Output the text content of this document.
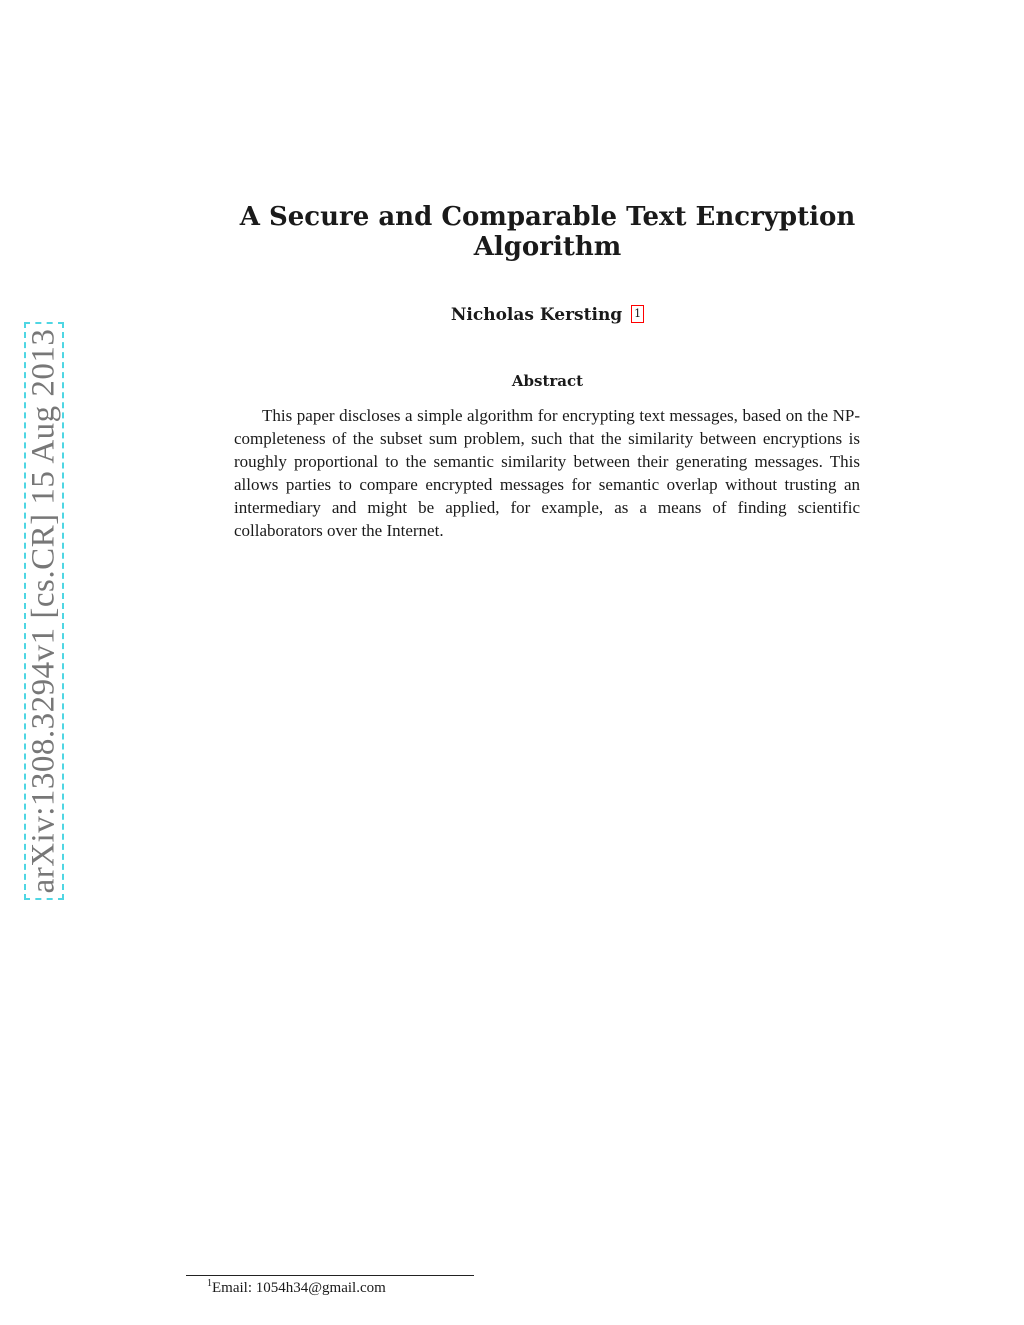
arXiv:1308.3294v1 [cs.CR] 15 Aug 2013
A Secure and Comparable Text Encryption Algorithm
Nicholas Kersting 1
Abstract

This paper discloses a simple algorithm for encrypting text messages, based on the NP-completeness of the subset sum problem, such that the similarity between encryptions is roughly proportional to the semantic similarity between their generating messages. This allows parties to compare encrypted messages for semantic overlap without trusting an intermediary and might be applied, for example, as a means of finding scientific collaborators over the Internet.

$^1$Email: 1054h34@gmail.com
